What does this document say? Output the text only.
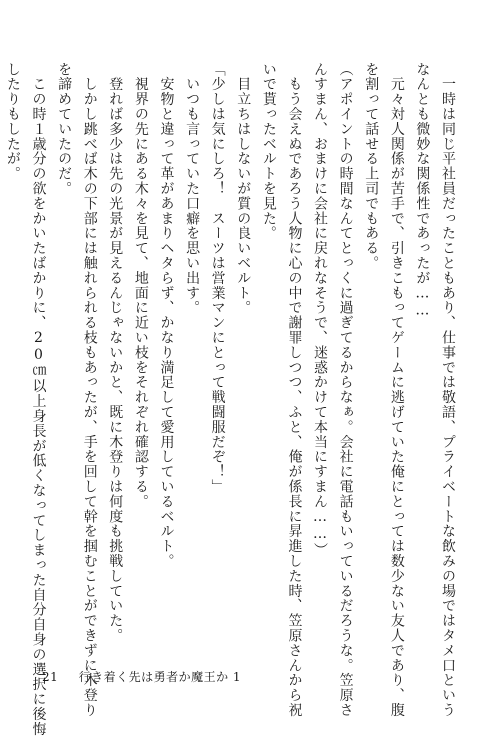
　一時は同じ平社員だったこともあり、仕事では敬語、プライベートな飲みの場ではタメ口という
なんとも微妙な関係性であったが……
　元々対人関係が苦手で、引きこもってゲームに逃げていた俺にとっては数少ない友人であり、腹
を割って話せる上司でもある。
（アポイントの時間なんてとっくに過ぎてるからなぁ。会社に電話もいっているだろうな。笠原さ
んすまん、おまけに会社に戻れなそうで、迷惑かけて本当にすまん……）
　もう会えぬであろう人物に心の中で謝罪しつつ、ふと、俺が係長に昇進した時、笠原さんから祝
いで貰ったベルトを見た。
　目立ちはしないが質の良いベルト。
「少しは気にしろ！　スーツは営業マンにとって戦闘服だぞ！」
　いつも言っていた口癖を思い出す。
　安物と違って革があまりヘタらず、かなり満足して愛用しているベルト。
　視界の先にある木々を見て、地面に近い枝をそれぞれ確認する。
　登れば多少は先の光景が見えるんじゃないかと、既に木登りは何度も挑戦していた。
　しかし跳べば木の下部には触れられる枝もあったが、手を回して幹を掴むことができずに木登り
を諦めていたのだ。
　この時１歳分の欲をかいたばかりに、20㎝以上身長が低くなってしまった自分自身の選択に後悔
したりもしたが。
21 行き着く先は勇者か魔王か 1
